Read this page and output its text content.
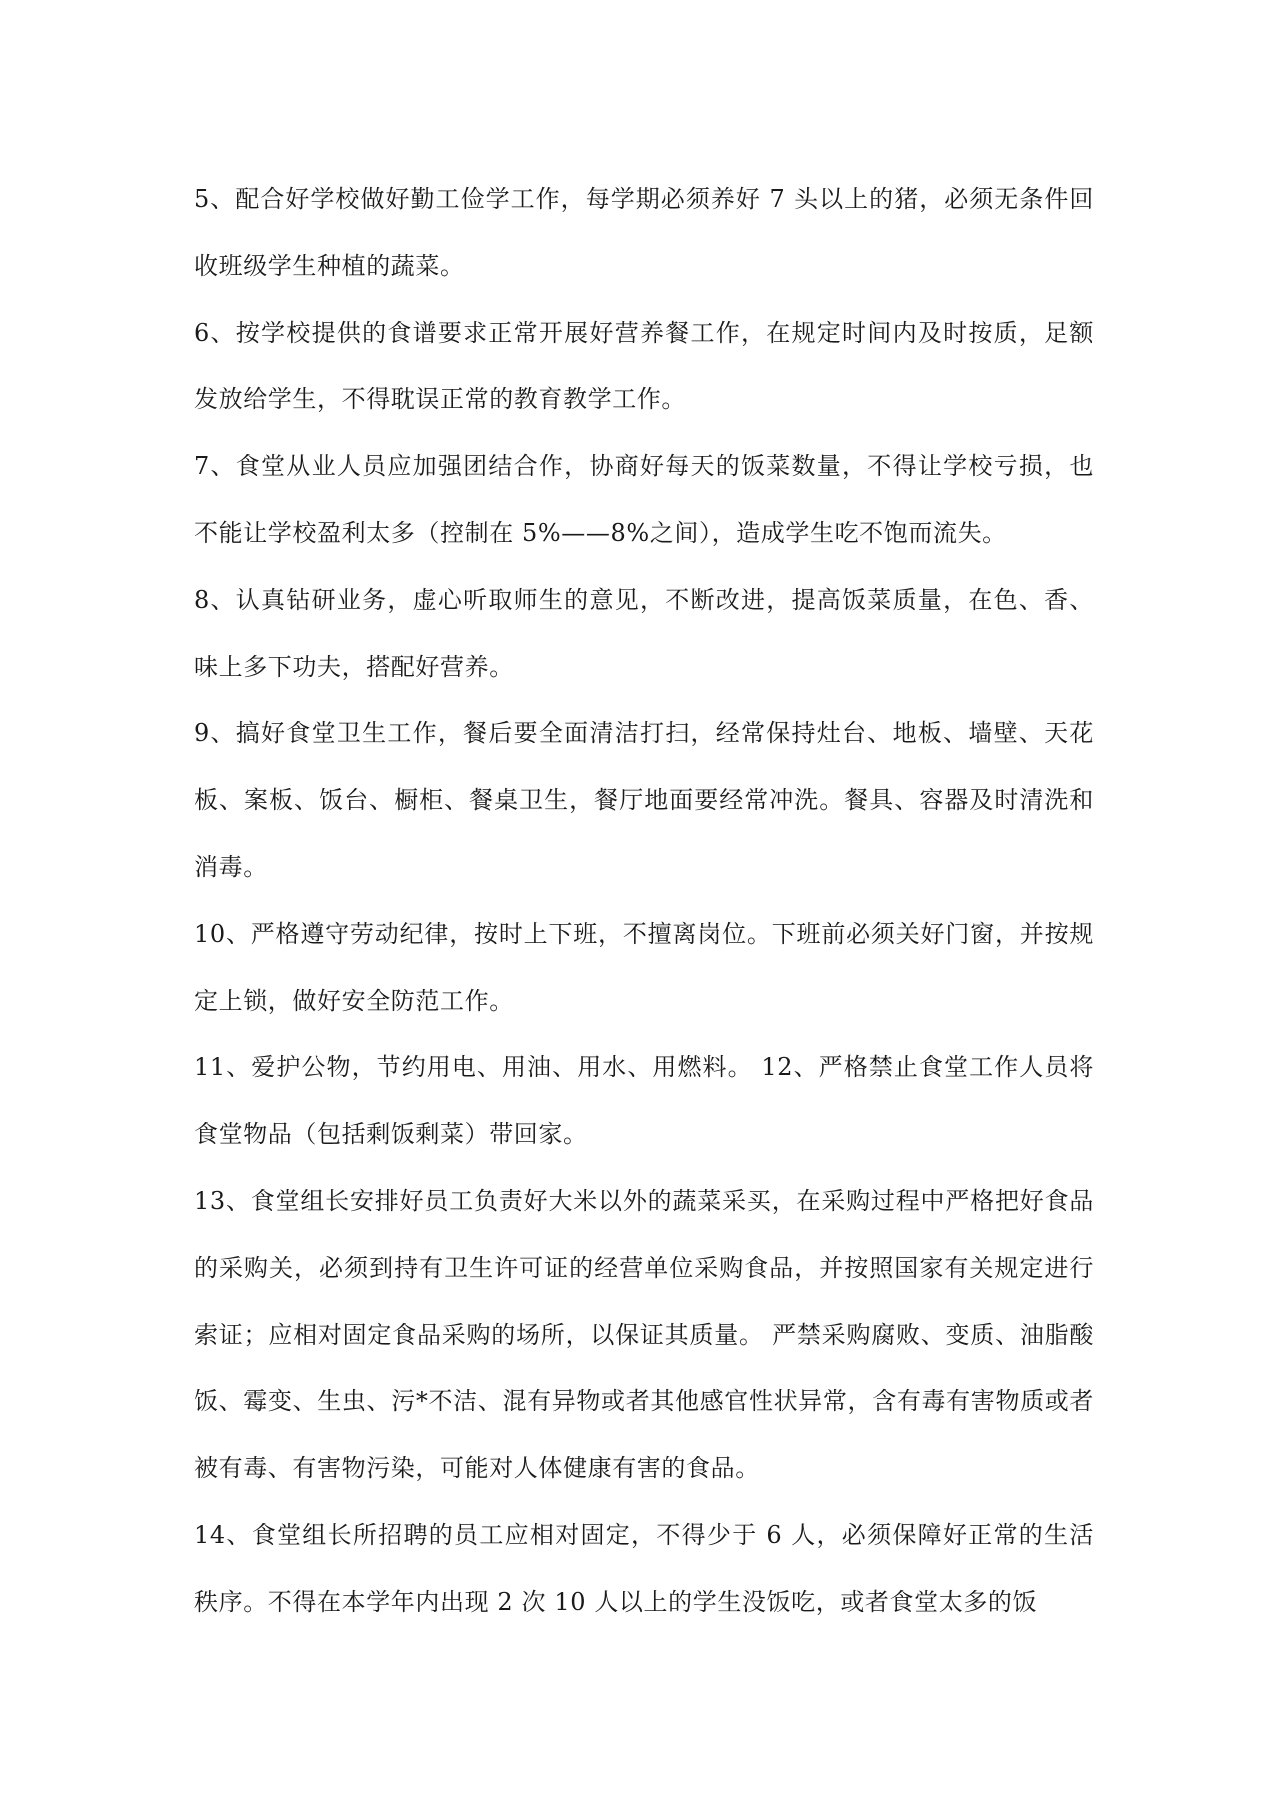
5、配合好学校做好勤工俭学工作，每学期必须养好 7 头以上的猪，必须无条件回收班级学生种植的蔬菜。

6、按学校提供的食谱要求正常开展好营养餐工作，在规定时间内及时按质，足额发放给学生，不得耽误正常的教育教学工作。

7、食堂从业人员应加强团结合作，协商好每天的饭菜数量，不得让学校亏损，也不能让学校盈利太多（控制在 5%——8%之间），造成学生吃不饱而流失。

8、认真钻研业务，虚心听取师生的意见，不断改进，提高饭菜质量，在色、香、味上多下功夫，搭配好营养。

9、搞好食堂卫生工作，餐后要全面清洁打扫，经常保持灶台、地板、墙壁、天花板、案板、饭台、橱柜、餐桌卫生，餐厅地面要经常冲洗。餐具、容器及时清洗和消毒。

10、严格遵守劳动纪律，按时上下班，不擅离岗位。下班前必须关好门窗，并按规定上锁，做好安全防范工作。

11、爱护公物，节约用电、用油、用水、用燃料。 12、严格禁止食堂工作人员将食堂物品（包括剩饭剩菜）带回家。

13、食堂组长安排好员工负责好大米以外的蔬菜采买，在采购过程中严格把好食品的采购关，必须到持有卫生许可证的经营单位采购食品，并按照国家有关规定进行索证；应相对固定食品采购的场所，以保证其质量。 严禁采购腐败、变质、油脂酸饭、霉变、生虫、污*不洁、混有异物或者其他感官性状异常，含有毒有害物质或者被有毒、有害物污染，可能对人体健康有害的食品。

14、食堂组长所招聘的员工应相对固定，不得少于 6 人，必须保障好正常的生活秩序。不得在本学年内出现 2 次 10 人以上的学生没饭吃，或者食堂太多的饭
